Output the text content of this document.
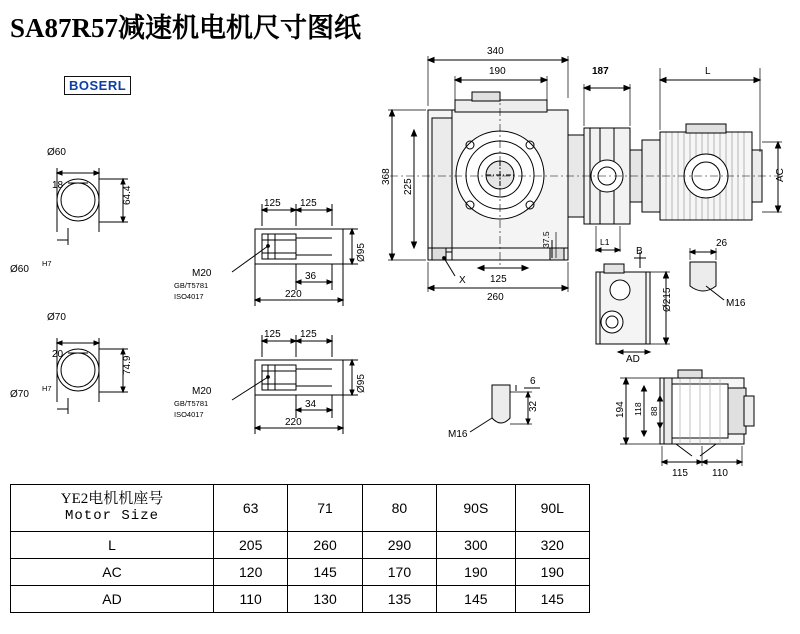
SA87R57减速机电机尺寸图纸
BOSERL
Ø60
64.4
18
Ø60
H7
Ø70
74.9
20
Ø70
H7
125 125
36
220
Ø95
M20
GB/T5781
ISO4017
125 125
34
220
Ø95
M20
GB/T5781
ISO4017
340
190	187	L
368
225
260
125
37.5
X
AC
L1	26
M16
Ø215
AD
B
6
32
M16
194 118 88
115 110
YE2电机机座号
Motor Size	63	71	80	90S	90L
L	205	260	290	300	320
AC	120	145	170	190	190
AD	110	130	135	145	145
